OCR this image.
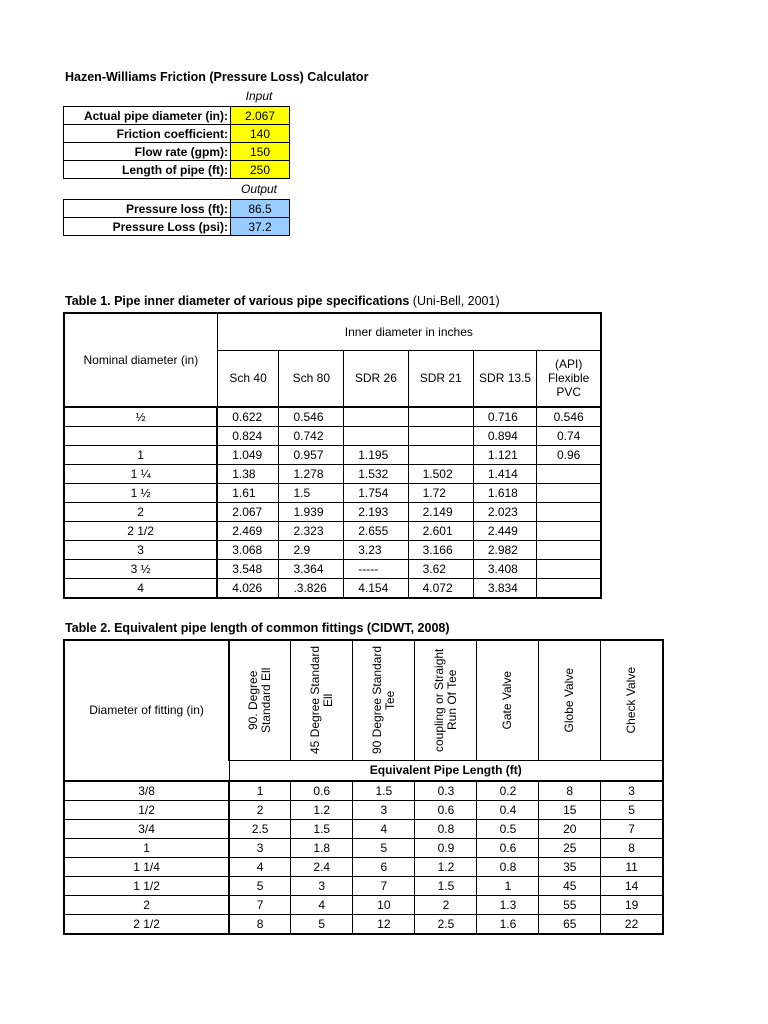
Hazen-Williams Friction (Pressure Loss) Calculator
Input
Actual pipe diameter (in):	2.067
Friction coefficient:	140
Flow rate (gpm):	150
Length of pipe (ft):	250
Output
Pressure loss (ft):	86.5
Pressure Loss (psi):	37.2
Table 1. Pipe inner diameter of various pipe specifications (Uni-Bell, 2001)
Nominal diameter (in)	Inner diameter in inches					
	Sch 40	Sch 80	SDR 26	SDR 21	SDR 13.5	(API) Flexible PVC
½	0.622	0.546			0.716	0.546
	0.824	0.742			0.894	0.74
1	1.049	0.957	1.195		1.121	0.96
1 ¼	1.38	1.278	1.532	1.502	1.414	
1 ½	1.61	1.5	1.754	1.72	1.618	
2	2.067	1.939	2.193	2.149	2.023	
2 1/2	2.469	2.323	2.655	2.601	2.449	
3	3.068	2.9	3.23	3.166	2.982	
3 ½	3.548	3.364	-----	3.62	3.408	
4	4.026	.3.826	4.154	4.072	3.834	
Table 2. Equivalent pipe length of common fittings (CIDWT, 2008)
Diameter of fitting (in)	90. Degree Standard Ell	45 Degree Standard Ell	90 Degree Standard Tee	coupling or Straight Run Of Tee	Gate Valve	Globe Valve	Check Valve

	Equivalent Pipe Length (ft)						
3/8	1	0.6	1.5	0.3	0.2	8	3
1/2	2	1.2	3	0.6	0.4	15	5
3/4	2.5	1.5	4	0.8	0.5	20	7
1	3	1.8	5	0.9	0.6	25	8
1 1/4	4	2.4	6	1.2	0.8	35	11
1 1/2	5	3	7	1.5	1	45	14
2	7	4	10	2	1.3	55	19
2 1/2	8	5	12	2.5	1.6	65	22
